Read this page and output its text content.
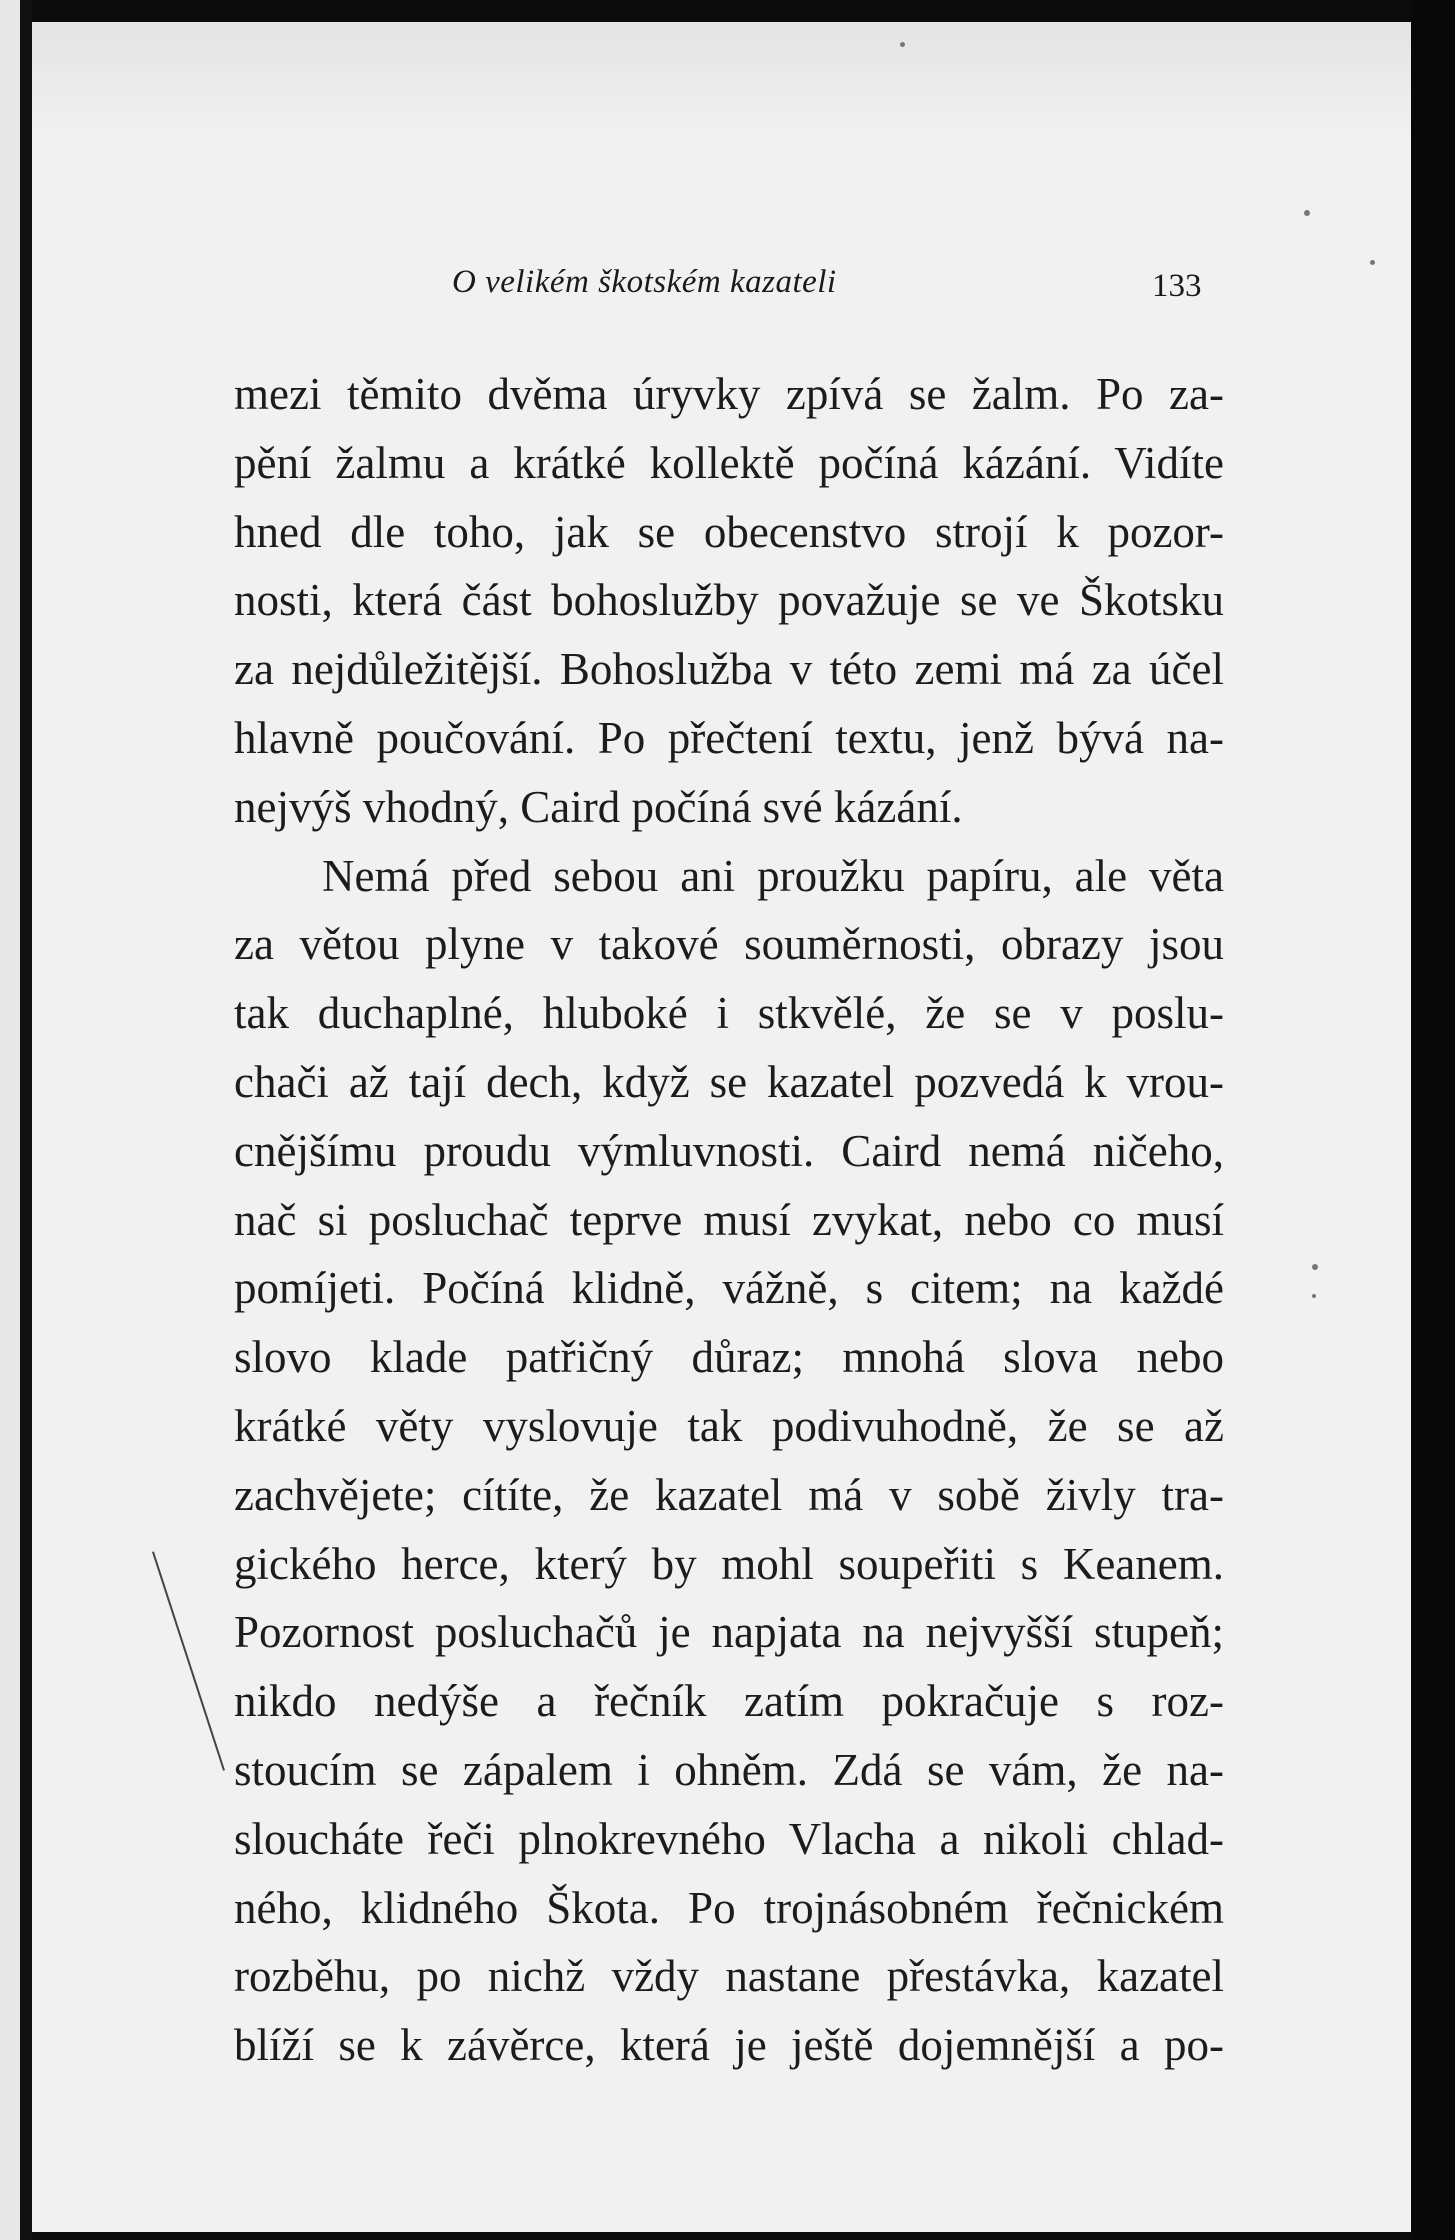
O velikém škotském kazateli	133
mezi těmito dvěma úryvky zpívá se žalm. Po za-
pění žalmu a krátké kollektě počíná kázání. Vidíte
hned dle toho, jak se obecenstvo strojí k pozor-
nosti, která část bohoslužby považuje se ve Škotsku
za nejdůležitější. Bohoslužba v této zemi má za účel
hlavně poučování. Po přečtení textu, jenž bývá na-
nejvýš vhodný, Caird počíná své kázání.
Nemá před sebou ani proužku papíru, ale věta
za větou plyne v takové souměrnosti, obrazy jsou
tak duchaplné, hluboké i stkvělé, že se v poslu-
chači až tají dech, když se kazatel pozvedá k vrou-
cnějšímu proudu výmluvnosti. Caird nemá ničeho,
nač si posluchač teprve musí zvykat, nebo co musí
pomíjeti. Počíná klidně, vážně, s citem; na každé
slovo klade patřičný důraz; mnohá slova nebo
krátké věty vyslovuje tak podivuhodně, že se až
zachvějete; cítíte, že kazatel má v sobě živly tra-
gického herce, který by mohl soupeřiti s Keanem.
Pozornost posluchačů je napjata na nejvyšší stupeň;
nikdo nedýše a řečník zatím pokračuje s roz-
stoucím se zápalem i ohněm. Zdá se vám, že na-
sloucháte řeči plnokrevného Vlacha a nikoli chlad-
ného, klidného Škota. Po trojnásobném řečnickém
rozběhu, po nichž vždy nastane přestávka, kazatel
blíží se k závěrce, která je ještě dojemnější a po-
